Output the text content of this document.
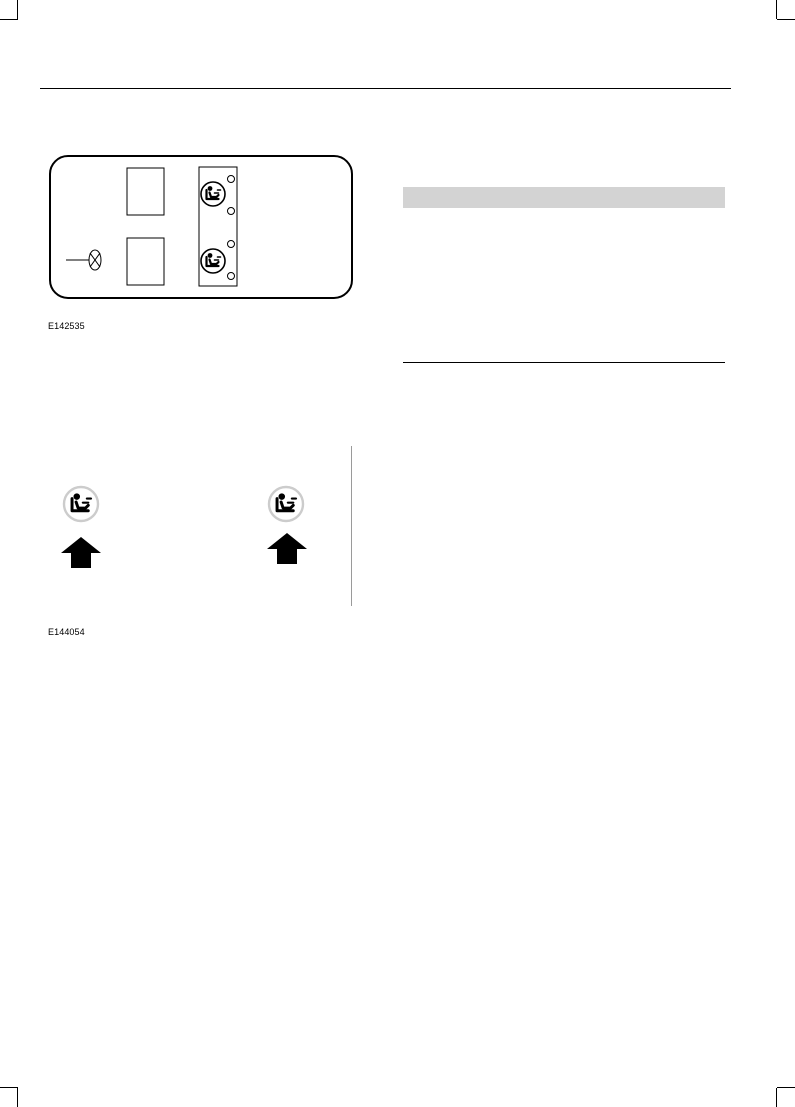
E142535
E144054
